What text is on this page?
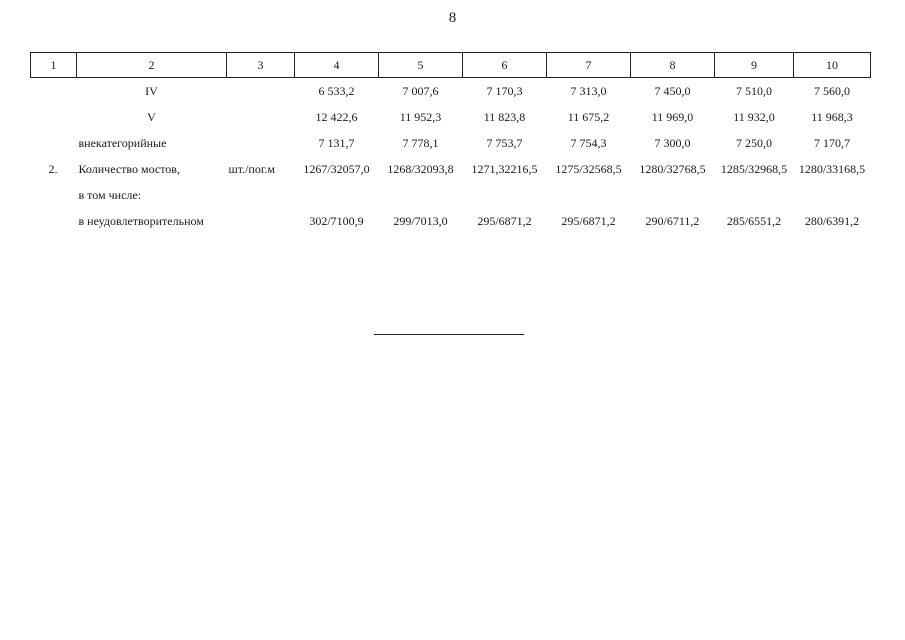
8
1	2	3	4	5	6	7	8	9	10
	IV		6 533,2	7 007,6	7 170,3	7 313,0	7 450,0	7 510,0	7 560,0
	V		12 422,6	11 952,3	11 823,8	11 675,2	11 969,0	11 932,0	11 968,3
	внекатегорийные		7 131,7	7 778,1	7 753,7	7 754,3	7 300,0	7 250,0	7 170,7
2.	Количество мостов,	шт./пог.м	1267/32057,0	1268/32093,8	1271,32216,5	1275/32568,5	1280/32768,5	1285/32968,5	1280/33168,5
	в том числе:								
	в неудовлетворительном		302/7100,9	299/7013,0	295/6871,2	295/6871,2	290/6711,2	285/6551,2	280/6391,2
